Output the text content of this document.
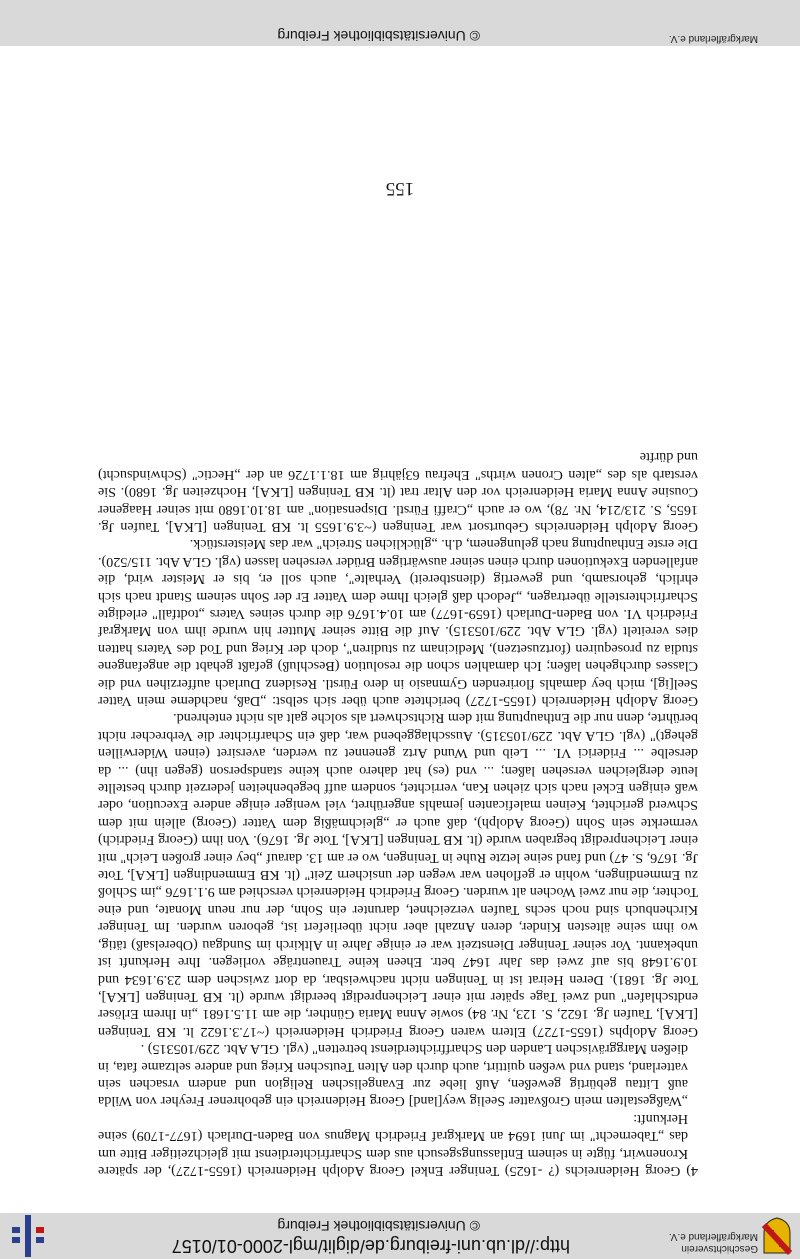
Geschichtsverein
Markgräflerland e.V.
http://dl.ub.uni-freiburg.de/diglit/mgl-2000-01/0157
© Universitätsbibliothek Freiburg

4) Georg Heidenreichs (? -1625) Teninger Enkel Georg Adolph Heidenreich (1655-1727), der spätere Kronenwirt, fügte in seinem Entlassungsgesuch aus dem Scharfrichterdienst mit gleichzeitiger Bitte um das „Tabernecht" im Juni 1694 an Markgraf Friedrich Magnus von Baden-Durlach (1677-1709) seine Herkunft:

„Waßgestalten mein Großvatter Seelig wey[land] Georg Heidenreich ein gebohrener Freyher von Wilda auß Littau gebürtig geweßen, Auß liebe zur Evangelischen Religion und andern vrsachen sein vatterland, stand vnd weßen quittirt, auch durch den Alten Teutschen Krieg und andere seltzame fata, in dießen Marggrävischen Landen den Scharffrichterdienst betretten" (vgl. GLA Abt. 229/105315) .

Georg Adolphs (1655-1727) Eltern waren Georg Friedrich Heidenreich (~17.3.1622 lt. KB Teningen [LKA], Taufen Jg. 1622, S. 123, Nr. 84) sowie Anna Maria Günther, die am 11.5.1681 „in Ihrem Erlöser endtschlafen" und zwei Tage später mit einer Leichenpredigt beerdigt wurde (lt. KB Teningen [LKA], Tote Jg. 1681). Deren Heirat ist in Teningen nicht nachweisbar, da dort zwischen dem 23.9.1634 und 10.9.1648 bis auf zwei das Jahr 1647 betr. Eheen keine Trauenträge vorliegen. Ihre Herkunft ist unbekannt. Vor seiner Teninger Dienstzeit war er einige Jahre in Altkirch im Sundgau (Oberelsaß) tätig, wo ihm seine ältesten Kinder, deren Anzahl aber nicht überliefert ist, geboren wurden. Im Teninger Kirchenbuch sind noch sechs Taufen verzeichnet, darunter ein Sohn, der nur neun Monate, und eine Tochter, die nur zwei Wochen alt wurden. Georg Friedrich Heidenreich verschied am 9.1.1676 „im Schloß zu Emmendingen, wohin er geflohen war wegen der unsichern Zeit" (lt. KB Emmendingen [LKA], Tote Jg. 1676, S. 47) und fand seine letzte Ruhe in Teningen, wo er am 13. darauf „bey einer großen Leich" mit einer Leichenpredigt begraben wurde (lt. KB Teningen [LKA], Tote Jg. 1676). Von ihm (Georg Friedrich) vermerkte sein Sohn (Georg Adolph), daß auch er „gleichmäßig dem Vatter (Georg) allein mit dem Schwerd gerichtet, Keinen maleficanten jemahls angerühret, viel weniger einige andere Execution, oder waß einigen Eckel nach sich ziehen Kan, verrichtet, sondern auff begebenheiten jederzeit durch bestellte leute dergleichen versehen laßen; ... vnd (es) hat dahero auch keine standsperson (gegen ihn) ... da derselbe ... Friderici VI. ... Leib und Wund Artz genennet zu werden, aversiret (einen Widerwillen gehegt)" (vgl. GLA Abt. 229/105315). Ausschlaggebend war, daß ein Scharfrichter die Verbrecher nicht berührte, denn nur die Enthauptung mit dem Richtschwert als solche galt als nicht entehrend.

Georg Adolph Heidenreich (1655-1727) berichtete auch über sich selbst: „Daß, nachdeme mein Vatter Seel[ig], mich bey damahls florirenden Gymnasio in dero Fürstl. Residenz Durlach aufferzihen vnd die Classes durchgehen laßen; Ich damahlen schon die resolution (Beschluß) gefaßt gehabt die angefangene studia zu prosequiren (fortzusetzen), Medicinam zu studiren", doch der Krieg und Tod des Vaters hatten dies vereitelt (vgl. GLA Abt. 229/105315). Auf die Bitte seiner Mutter hin wurde ihm von Markgraf Friedrich VI. von Baden-Durlach (1659-1677) am 10.4.1676 die durch seines Vaters „todtfall" erledigte Scharfrichterstelle übertragen, „Jedoch daß gleich Ihme dem Vatter Er der Sohn seinem Standt nach sich ehrlich, gehorsamb, und gewertig (dienstbereit) Verhalte", auch soll er, bis er Meister wird, die anfallenden Exekutionen durch einen seiner auswärtigen Brüder versehen lassen (vgl. GLA Abt. 115/520). Die erste Enthauptung nach gelungenem, d.h. „glücklichen Streich" war das Meisterstück.

Georg Adolph Heidenreichs Geburtsort war Teningen (~3.9.1655 lt. KB Teningen [LKA], Taufen Jg. 1655, S. 213/214, Nr. 78), wo er auch „Craffi Fürstl. Dispensation" am 18.10.1680 mit seiner Haagener Cousine Anna Maria Heidenreich vor den Altar trat (lt. KB Teningen [LKA], Hochzeiten Jg. 1680). Sie verstarb als des „alten Cronen wirths" Ehefrau 63jährig am 18.1.1726 an der „Hectic" (Schwindsucht) und dürfte

155
Markgräflerland e.V.
© Universitätsbibliothek Freiburg
